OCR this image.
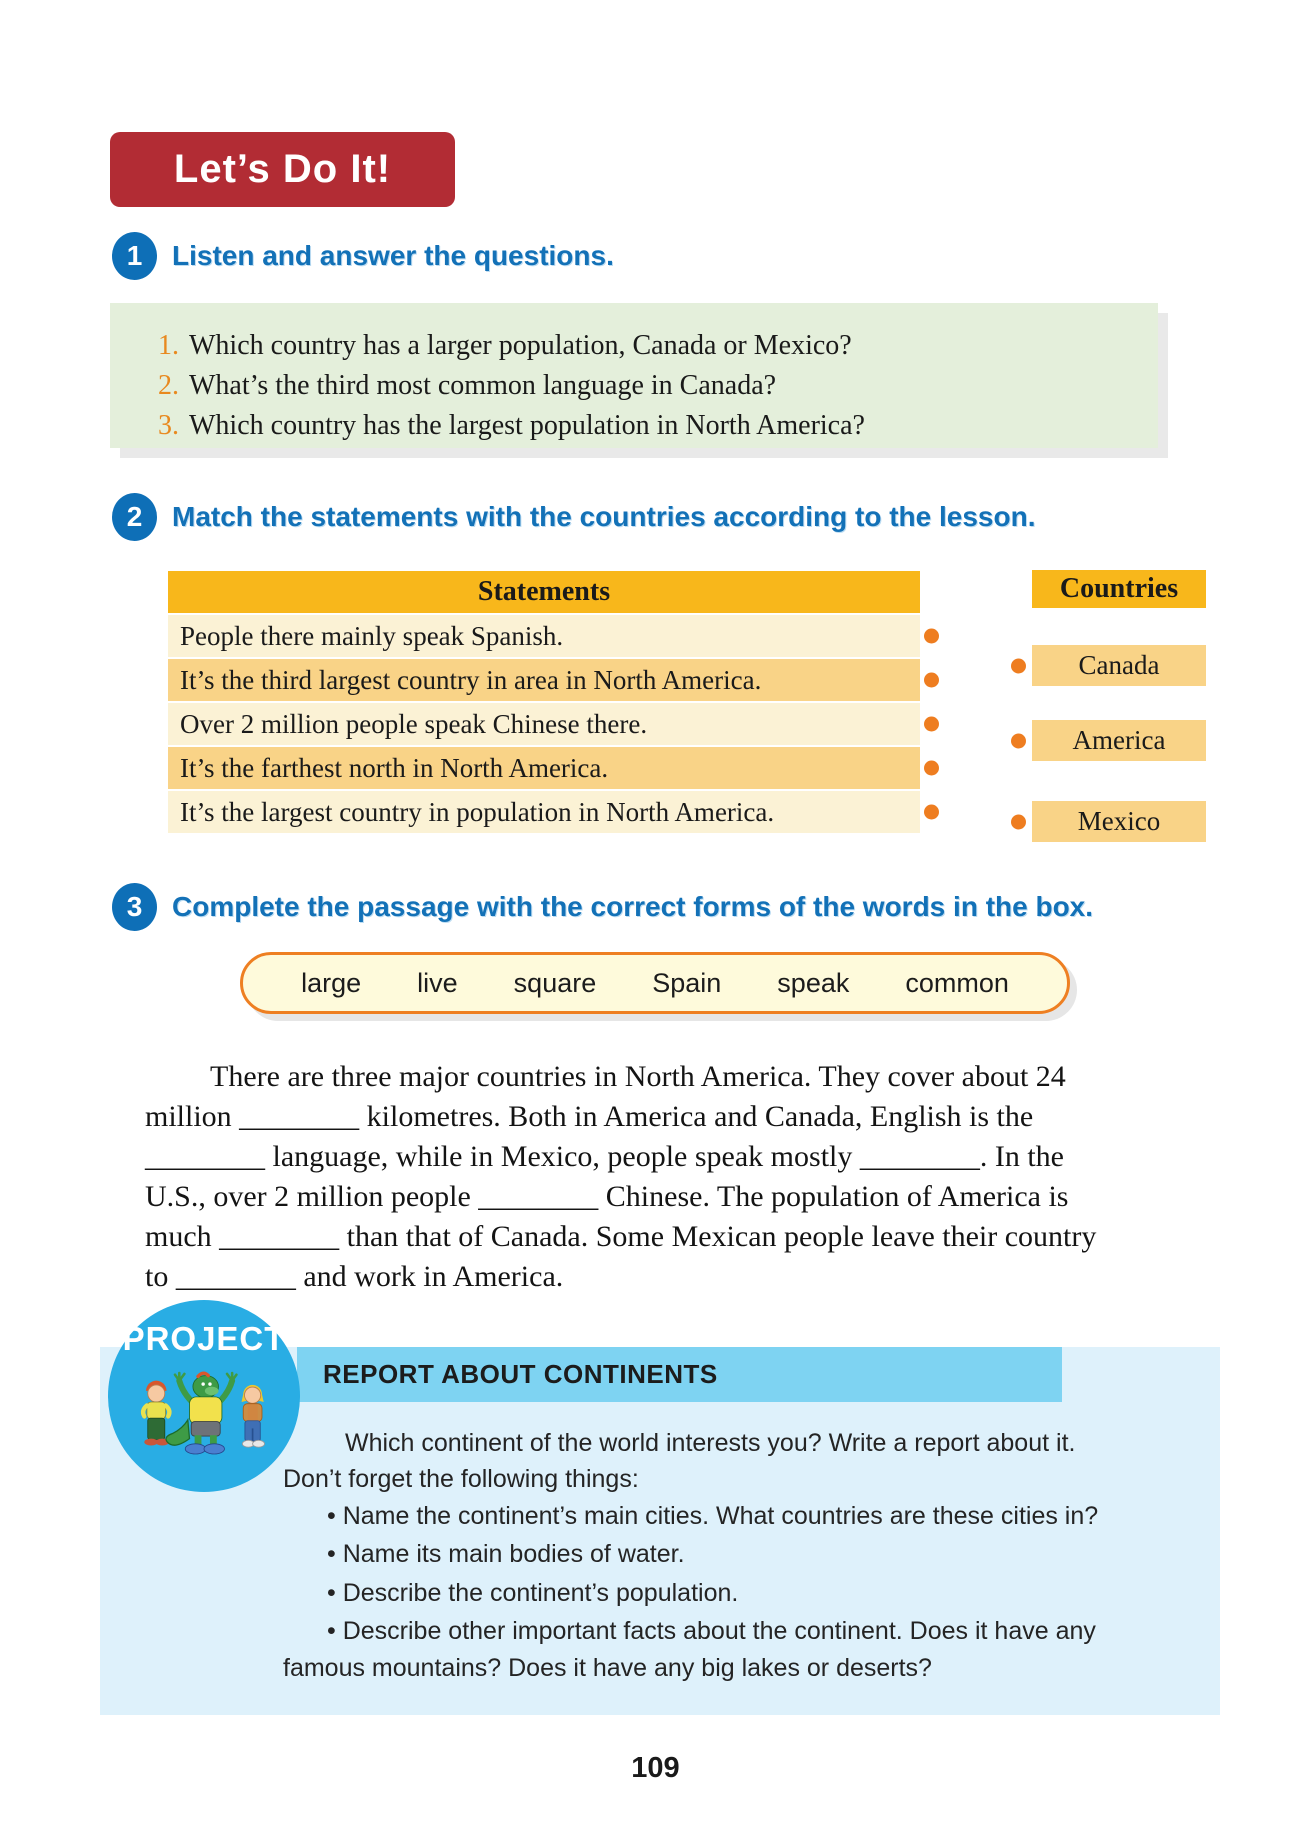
Let’s Do It!
1	Listen and answer the questions.
1. Which country has a larger population, Canada or Mexico?
2. What’s the third most common language in Canada?
3. Which country has the largest population in North America?
2	Match the statements with the countries according to the lesson.
Statements
People there mainly speak Spanish.
It’s the third largest country in area in North America.
Over 2 million people speak Chinese there.
It’s the farthest north in North America.
It’s the largest country in population in North America.
Countries
Canada
America
Mexico
3	Complete the passage with the correct forms of the words in the box.
large live square Spain speak common
There are three major countries in North America. They cover about 24
million ________ kilometres. Both in America and Canada, English is the
________ language, while in Mexico, people speak mostly ________. In the
U.S., over 2 million people ________ Chinese. The population of America is
much ________ than that of Canada. Some Mexican people leave their country
to ________ and work in America.
REPORT ABOUT CONTINENTS
PROJECT
Which continent of the world interests you? Write a report about it.
Don’t forget the following things:
• Name the continent’s main cities. What countries are these cities in?
• Name its main bodies of water.
• Describe the continent’s population.
• Describe other important facts about the continent. Does it have any
famous mountains? Does it have any big lakes or deserts?
109
